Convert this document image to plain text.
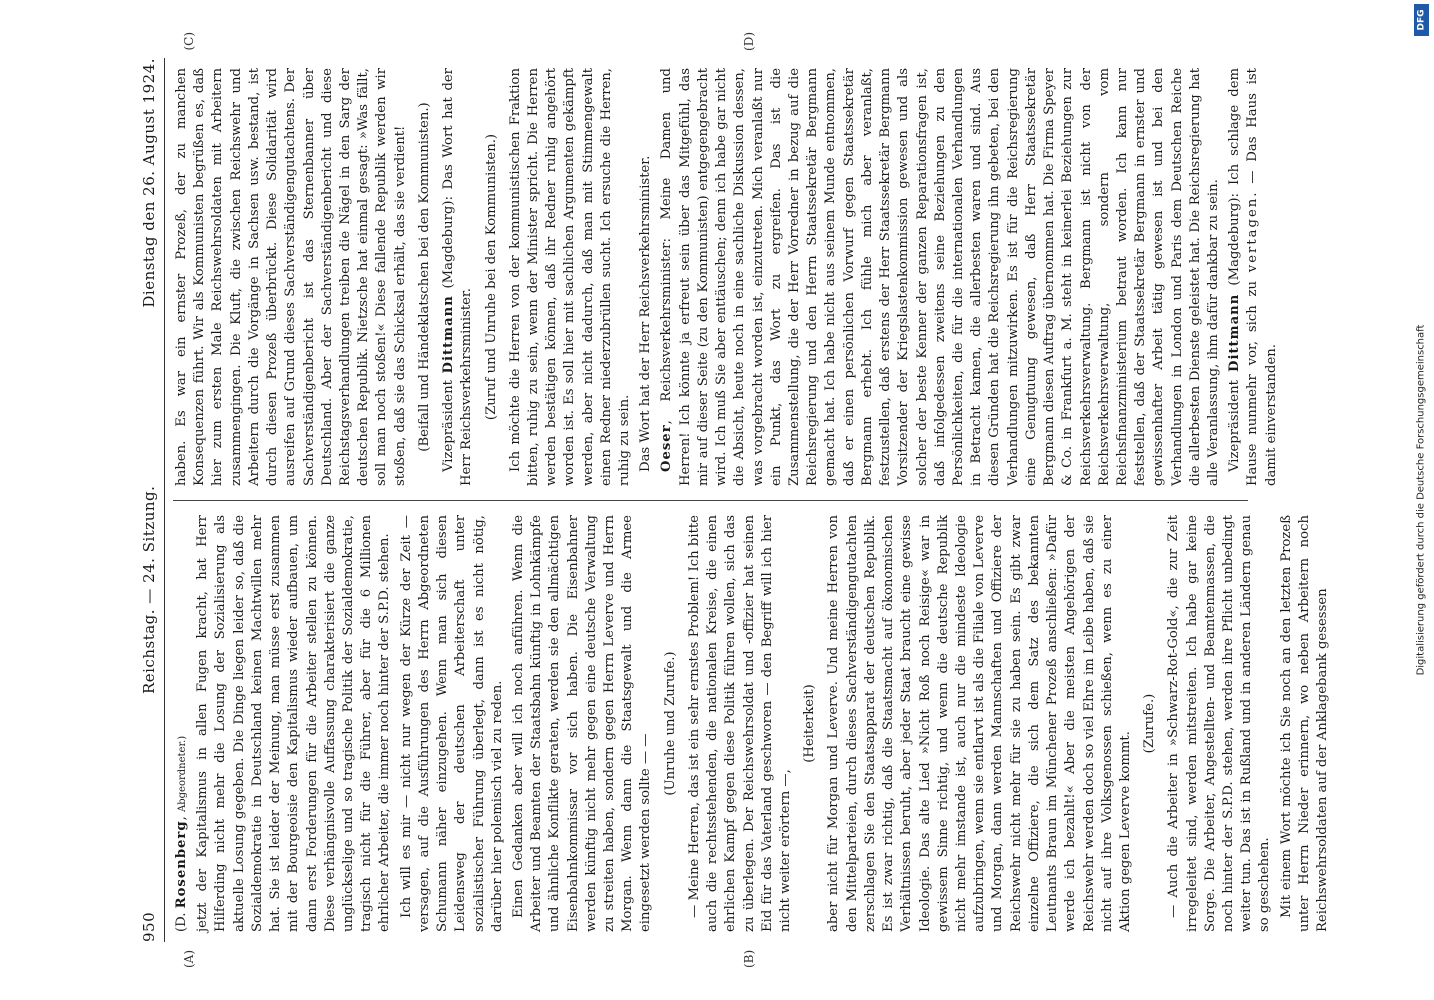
DFG
950
Reichstag. — 24. Sitzung.
Dienstag den 26. August 1924.

(D. Rosenberg, Abgeordneter.) jetzt der Kapitalismus in allen Fugen kracht, hat Herr Hilferding nicht mehr die Losung der Sozialisierung als aktuelle Losung gegeben. Die Dinge liegen leider so, daß die Sozialdemokratie in Deutschland keinen Machtwillen mehr hat. Sie ist leider der Meinung, man müsse erst zusammen mit der Bourgeoisie den Kapitalismus wieder aufbauen, um dann erst Forderungen für die Arbeiter stellen zu können. Diese verhängnisvolle Auffassung charakterisiert die ganze unglückselige und so tragische Politik der Sozialdemokratie, tragisch nicht für die Führer, aber für die 6 Millionen ehrlicher Arbeiter, die immer noch hinter der S.P.D. stehen. Ich will es mir — nicht nur wegen der Kürze der Zeit — versagen, auf die Ausführungen des Herrn Abgeordneten Schumann näher einzugehen. Wenn man sich diesen Leidensweg der deutschen Arbeiterschaft unter sozialistischer Führung überlegt, dann ist es nicht nötig, darüber hier polemisch viel zu reden. Einen Gedanken aber will ich noch anführen. Wenn die Arbeiter und Beamten der Staatsbahn künftig in Lohnkämpfe und ähnliche Konflikte geraten, werden sie den allmächtigen Eisenbahnkommissar vor sich haben. Die Eisenbahner werden künftig nicht mehr gegen eine deutsche Verwaltung zu streiten haben, sondern gegen Herrn Leverve und Herrn Morgan. Wenn dann die Staatsgewalt und die Armee eingesetzt werden sollte — —

(Unruhe und Zurufe.) — Meine Herren, das ist ein sehr ernstes Problem! Ich bitte auch die rechtsstehenden, die nationalen Kreise, die einen ehrlichen Kampf gegen diese Politik führen wollen, sich das zu überlegen. Der Reichswehrsoldat und -offizier hat seinen Eid für das Vaterland geschworen — den Begriff will ich hier nicht weiter erörtern —,

(Heiterkeit) aber nicht für Morgan und Leverve. Und meine Herren von den Mittelparteien, durch dieses Sachverständigengutachten zerschlagen Sie den Staatsapparat der deutschen Republik. Es ist zwar richtig, daß die Staatsmacht auf ökonomischen Verhältnissen beruht, aber jeder Staat braucht eine gewisse Ideologie. Das alte Lied »Nicht Roß noch Reisige« war in gewissem Sinne richtig, und wenn die deutsche Republik nicht mehr imstande ist, auch nur die mindeste Ideologie aufzubringen, wenn sie entlarvt ist als die Filiale von Leverve und Morgan, dann werden Mannschaften und Offiziere der Reichswehr nicht mehr für sie zu haben sein. Es gibt zwar einzelne Offiziere, die sich dem Satz des bekannten Leutnants Braun im Münchener Prozeß anschließen: »Dafür werde ich bezahlt!« Aber die meisten Angehörigen der Reichswehr werden doch so viel Ehre im Leibe haben, daß sie nicht auf ihre Volksgenossen schießen, wenn es zu einer Aktion gegen Leverve kommt.

(Zurufe.) — Auch die Arbeiter in »Schwarz-Rot-Gold«, die zur Zeit irregeleitet sind, werden mitstreiten. Ich habe gar keine Sorge. Die Arbeiter, Angestellten- und Beamtenmassen, die noch hinter der S.P.D. stehen, werden ihre Pflicht unbedingt weiter tun. Das ist in Rußland und in anderen Ländern genau so geschehen. Mit einem Wort möchte ich Sie noch an den letzten Prozeß unter Herrn Nieder erinnern, wo neben Arbeitern noch Reichswehrsoldaten auf der Anklagebank gesessen

haben. Es war ein ernster Prozeß, der zu manchen Konsequenzen führt. Wir als Kommunisten begrüßen es, daß hier zum ersten Male Reichswehrsoldaten mit Arbeitern zusammengingen. Die Kluft, die zwischen Reichswehr und Arbeitern durch die Vorgänge in Sachsen usw. bestand, ist durch diesen Prozeß überbrückt. Diese Solidarität wird ausreifen auf Grund dieses Sachverständigengutachtens. Der Sachverständigenbericht ist das Sternenbanner über Deutschland. Aber der Sachverständigenbericht und diese Reichstagsverhandlungen treiben die Nägel in den Sarg der deutschen Republik. Nietzsche hat einmal gesagt: »Was fällt, soll man noch stoßen!« Diese fallende Republik werden wir stoßen, daß sie das Schicksal erhält, das sie verdient! (Beifall und Händeklatschen bei den Kommunisten.) Vizepräsident Dittmann (Magdeburg): Das Wort hat der Herr Reichsverkehrsminister. (Zuruf und Unruhe bei den Kommunisten.) Ich möchte die Herren von der kommunistischen Fraktion bitten, ruhig zu sein, wenn der Minister spricht. Die Herren werden bestätigen können, daß ihr Redner ruhig angehört worden ist. Es soll hier mit sachlichen Argumenten gekämpft werden, aber nicht dadurch, daß man mit Stimmengewalt einen Redner niederzubrüllen sucht. Ich ersuche die Herren, ruhig zu sein. Das Wort hat der Herr Reichsverkehrsminister. Oeser, Reichsverkehrsminister: Meine Damen und Herren! Ich könnte ja erfreut sein über das Mitgefühl, das mir auf dieser Seite (zu den Kommunisten) entgegengebracht wird. Ich muß Sie aber enttäuschen; denn ich habe gar nicht die Absicht, heute noch in eine sachliche Diskussion dessen, was vorgebracht worden ist, einzutreten. Mich veranlaßt nur ein Punkt, das Wort zu ergreifen. Das ist die Zusammenstellung, die der Herr Vorredner in bezug auf die Reichsregierung und den Herrn Staatssekretär Bergmann gemacht hat. Ich habe nicht aus seinem Munde entnommen, daß er einen persönlichen Vorwurf gegen Staatssekretär Bergmann erhebt. Ich fühle mich aber veranlaßt, festzustellen, daß erstens der Herr Staatssekretär Bergmann Vorsitzender der Kriegslastenkommission gewesen und als solcher der beste Kenner der ganzen Reparationsfragen ist, daß infolgedessen zweitens seine Beziehungen zu den Persönlichkeiten, die für die internationalen Verhandlungen in Betracht kamen, die allerbesten waren und sind. Aus diesen Gründen hat die Reichsregierung ihn gebeten, bei den Verhandlungen mitzuwirken. Es ist für die Reichsregierung eine Genugtuung gewesen, daß Herr Staatssekretär Bergmann diesen Auftrag übernommen hat. Die Firma Speyer & Co. in Frankfurt a. M. steht in keinerlei Beziehungen zur Reichsverkehrsverwaltung. Bergmann ist nicht von der Reichsverkehrsverwaltung, sondern vom Reichsfinanzministerium betraut worden. Ich kann nur feststellen, daß der Staatssekretär Bergmann in ernster und gewissenhafter Arbeit tätig gewesen ist und bei den Verhandlungen in London und Paris dem Deutschen Reiche die allerbesten Dienste geleistet hat. Die Reichsregierung hat alle Veranlassung, ihm dafür dankbar zu sein. Vizepräsident Dittmann (Magdeburg): Ich schlage dem Hause nunmehr vor, sich zu vertagen. — Das Haus ist damit einverstanden.

(A)	(B)
(C)	(D)
Digitalisierung gefördert durch die Deutsche Forschungsgemeinschaft
